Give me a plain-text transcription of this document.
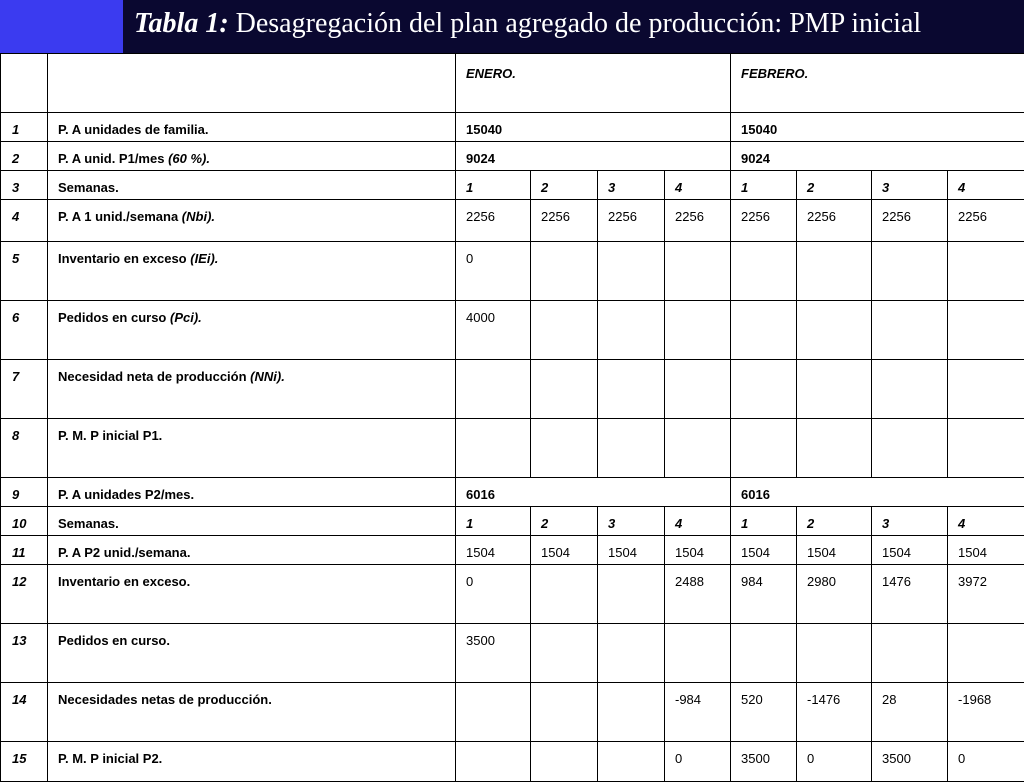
Tabla 1: Desagregación del plan agregado de producción: PMP inicial
		ENERO.				FEBRERO.			
1	P. A unidades de familia.	15040				15040			
2	P. A unid. P1/mes (60 %).	9024				9024			
3	Semanas.	1	2	3	4	1	2	3	4
4	P. A 1 unid./semana (Nbi).	2256	2256	2256	2256	2256	2256	2256	2256
5	Inventario en exceso (IEi).	0							
6	Pedidos en curso (Pci).	4000							
7	Necesidad neta de producción (NNi).								
8	P. M. P inicial P1.								
9	P. A unidades P2/mes.	6016				6016			
10	Semanas.	1	2	3	4	1	2	3	4
11	P. A P2 unid./semana.	1504	1504	1504	1504	1504	1504	1504	1504
12	Inventario en exceso.	0			2488	984	2980	1476	3972
13	Pedidos en curso.	3500							
14	Necesidades netas de producción.				-984	520	-1476	28	-1968
15	P. M. P inicial P2.				0	3500	0	3500	0
